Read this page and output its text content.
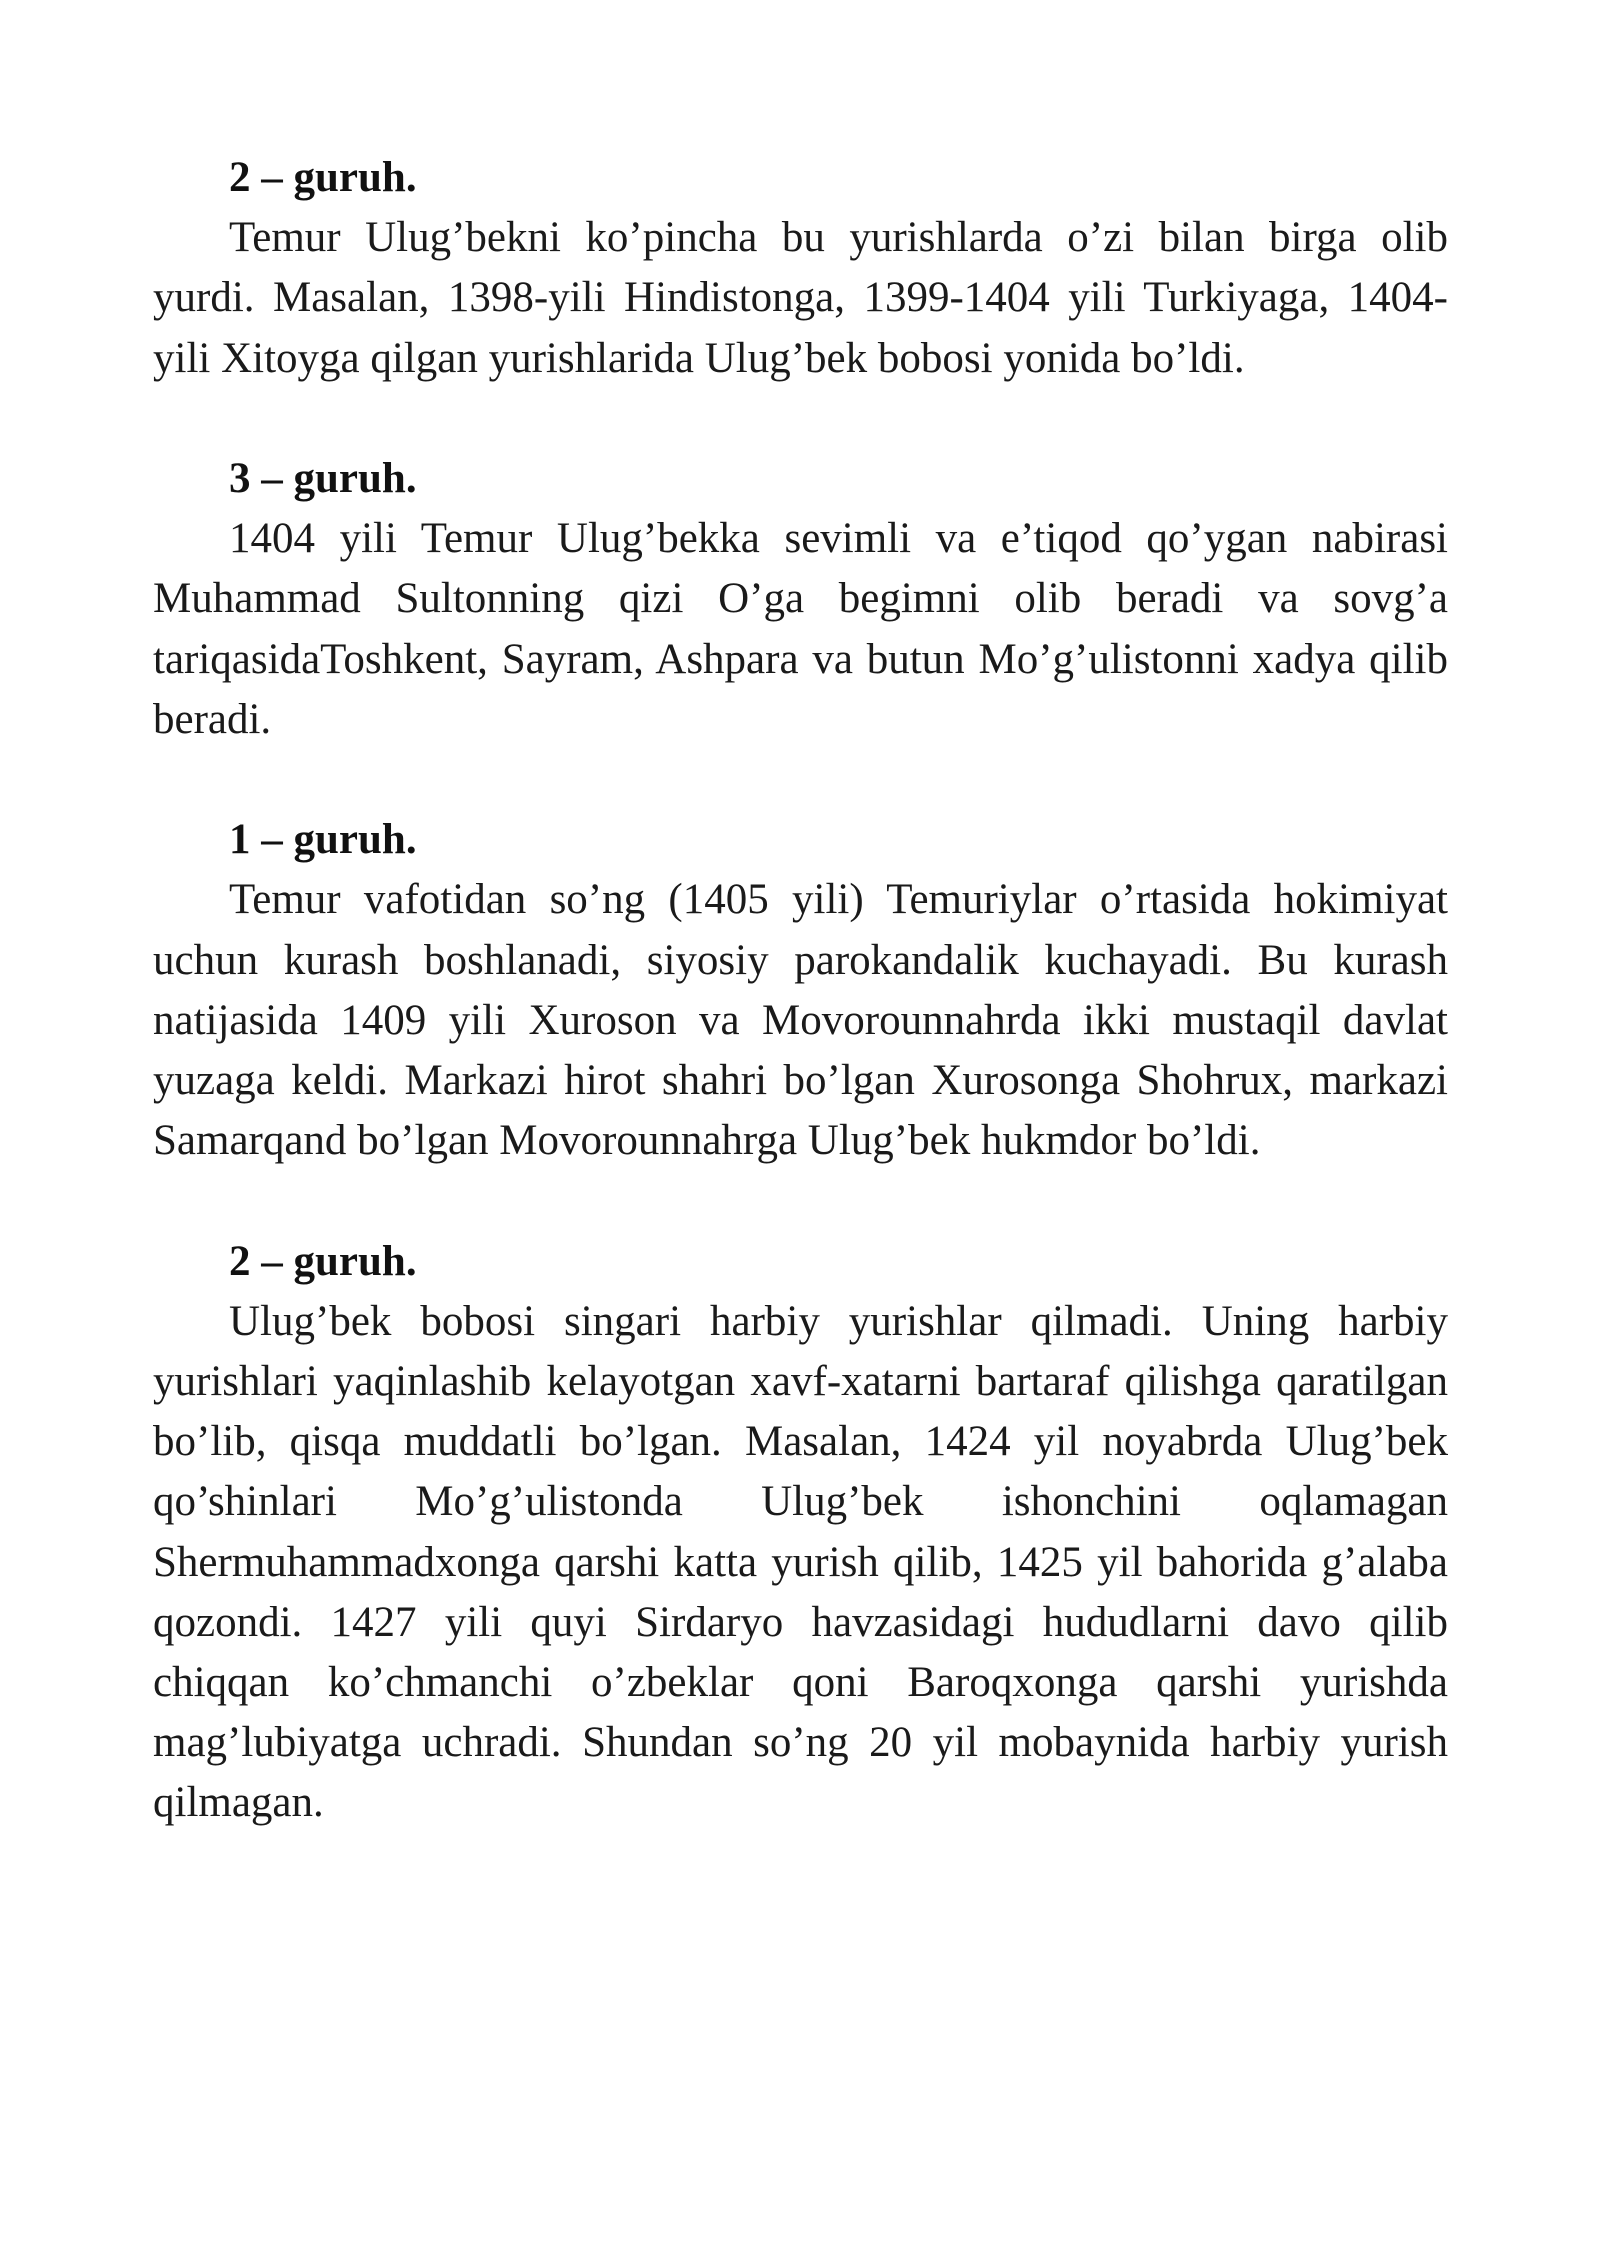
2 – guruh.

Temur Ulug’bekni ko’pincha bu yurishlarda o’zi bilan birga olib yurdi. Masalan, 1398-yili Hindistonga, 1399-1404 yili Turkiyaga, 1404-yili Xitoyga qilgan yurishlarida Ulug’bek bobosi yonida bo’ldi.

3 – guruh.

1404 yili Temur Ulug’bekka sevimli va e’tiqod qo’ygan nabirasi Muhammad Sultonning qizi O’ga begimni olib beradi va sovg’a tariqasidaToshkent, Sayram, Ashpara va butun Mo’g’ulistonni xadya qilib beradi.

1 – guruh.

Temur vafotidan so’ng (1405 yili) Temuriylar o’rtasida hokimiyat uchun kurash boshlanadi, siyosiy parokandalik kuchayadi. Bu kurash natijasida 1409 yili Xuroson va Movorounnahrda ikki mustaqil davlat yuzaga keldi. Markazi hirot shahri bo’lgan Xurosonga Shohrux, markazi Samarqand bo’lgan Movorounnahrga Ulug’bek hukmdor bo’ldi.

2 – guruh.

Ulug’bek bobosi singari harbiy yurishlar qilmadi. Uning harbiy yurishlari yaqinlashib kelayotgan xavf-xatarni bartaraf qilishga qaratilgan bo’lib, qisqa muddatli bo’lgan. Masalan, 1424 yil noyabrda Ulug’bek qo’shinlari Mo’g’ulistonda Ulug’bek ishonchini oqlamagan Shermuhammadxonga qarshi katta yurish qilib, 1425 yil bahorida g’alaba qozondi. 1427 yili quyi Sirdaryo havzasidagi hududlarni davo qilib chiqqan ko’chmanchi o’zbeklar qoni Baroqxonga qarshi yurishda mag’lubiyatga uchradi. Shundan so’ng 20 yil mobaynida harbiy yurish qilmagan.
